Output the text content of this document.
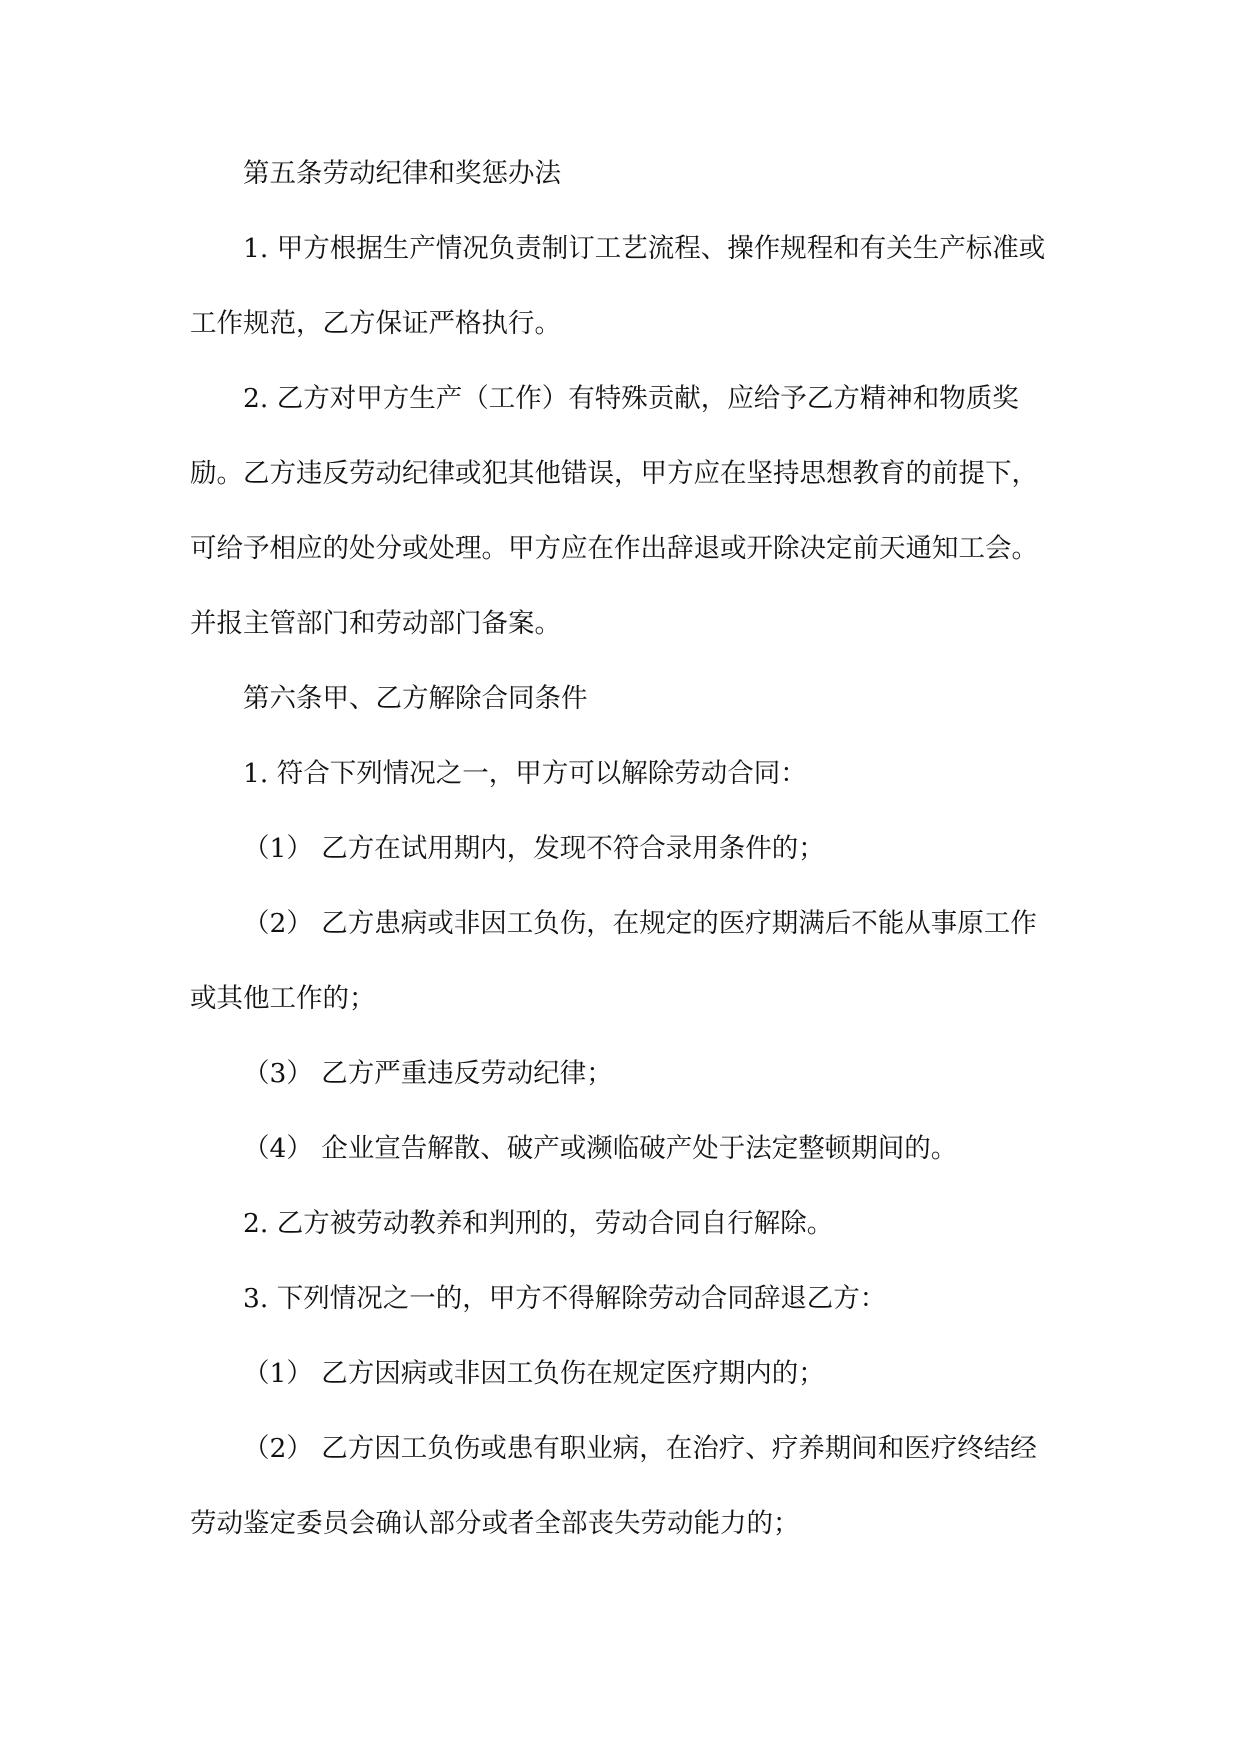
第五条劳动纪律和奖惩办法

1. 甲方根据生产情况负责制订工艺流程、操作规程和有关生产标准或工作规范，乙方保证严格执行。

2. 乙方对甲方生产（工作）有特殊贡献，应给予乙方精神和物质奖励。乙方违反劳动纪律或犯其他错误，甲方应在坚持思想教育的前提下，可给予相应的处分或处理。甲方应在作出辞退或开除决定前天通知工会。并报主管部门和劳动部门备案。

第六条甲、乙方解除合同条件

1. 符合下列情况之一，甲方可以解除劳动合同：

（1） 乙方在试用期内，发现不符合录用条件的；

（2） 乙方患病或非因工负伤，在规定的医疗期满后不能从事原工作或其他工作的；

（3） 乙方严重违反劳动纪律；

（4） 企业宣告解散、破产或濒临破产处于法定整顿期间的。

2. 乙方被劳动教养和判刑的，劳动合同自行解除。

3. 下列情况之一的，甲方不得解除劳动合同辞退乙方：

（1） 乙方因病或非因工负伤在规定医疗期内的；

（2） 乙方因工负伤或患有职业病，在治疗、疗养期间和医疗终结经劳动鉴定委员会确认部分或者全部丧失劳动能力的；
